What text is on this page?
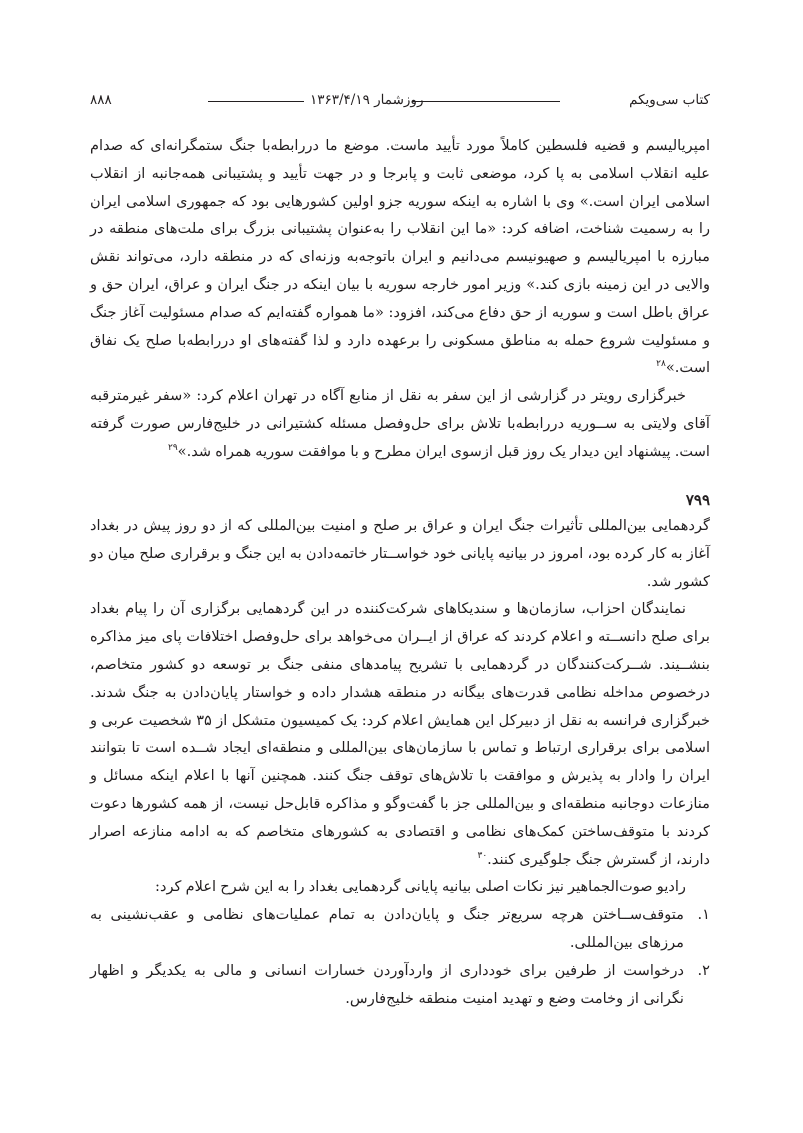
۸۸۸	روزشمار ۱۳۶۳/۴/۱۹	کتاب سی‌ویکم

امپریالیسم و قضیه فلسطین کاملاً مورد تأیید ماست. موضع ما دررابطه‌با جنگ ستمگرانه‌ای که صدام علیه انقلاب اسلامی به پا کرد، موضعی ثابت و پابرجا و در جهت تأیید و پشتیبانی همه‌جانبه از انقلاب اسلامی ایران است.» وی با اشاره به اینکه سوریه جزو اولین کشورهایی بود که جمهوری اسلامی ایران را به رسمیت شناخت، اضافه کرد: «ما این انقلاب را به‌عنوان پشتیبانی بزرگ برای ملت‌های منطقه در مبارزه با امپریالیسم و صهیونیسم می‌دانیم و ایران باتوجه‌به وزنه‌ای که در منطقه دارد، می‌تواند نقش والایی در این زمینه بازی کند.» وزیر امور خارجه سوریه با بیان اینکه در جنگ ایران و عراق، ایران حق و عراق باطل است و سوریه از حق دفاع می‌کند، افزود: «ما همواره گفته‌ایم که صدام مسئولیت آغاز جنگ و مسئولیت شروع حمله به مناطق مسکونی را برعهده دارد و لذا گفته‌های او دررابطه‌با صلح یک نفاق است.»$^{۲۸}$

خبرگزاری رویتر در گزارشی از این سفر به نقل از منابع آگاه در تهران اعلام کرد: «سفر غیرمترقبه آقای ولایتی به ســوریه دررابطه‌با تلاش برای حل‌وفصل مسئله کشتیرانی در خلیج‌فارس صورت گرفته است. پیشنهاد این دیدار یک روز قبل ازسوی ایران مطرح و با موافقت سوریه همراه شد.»$^{۲۹}$

۷۹۹

گردهمایی بین‌المللی تأثیرات جنگ ایران و عراق بر صلح و امنیت بین‌المللی که از دو روز پیش در بغداد آغاز به کار کرده بود، امروز در بیانیه پایانی خود خواســتار خاتمه‌دادن به این جنگ و برقراری صلح میان دو کشور شد.

نمایندگان احزاب، سازمان‌ها و سندیکاهای شرکت‌کننده در این گردهمایی برگزاری آن را پیام بغداد برای صلح دانســته و اعلام کردند که عراق از ایــران می‌خواهد برای حل‌وفصل اختلافات پای میز مذاکره بنشــیند. شــرکت‌کنندگان در گردهمایی با تشریح پیامدهای منفی جنگ بر توسعه دو کشور متخاصم، درخصوص مداخله نظامی قدرت‌های بیگانه در منطقه هشدار داده و خواستار پایان‌دادن به جنگ شدند. خبرگزاری فرانسه به نقل از دبیرکل این همایش اعلام کرد: یک کمیسیون متشکل از ۳۵ شخصیت عربی و اسلامی برای برقراری ارتباط و تماس با سازمان‌های بین‌المللی و منطقه‌ای ایجاد شــده است تا بتوانند ایران را وادار به پذیرش و موافقت با تلاش‌های توقف جنگ کنند. همچنین آنها با اعلام اینکه مسائل و منازعات دوجانبه منطقه‌ای و بین‌المللی جز با گفت‌وگو و مذاکره قابل‌حل نیست، از همه کشورها دعوت کردند با متوقف‌ساختن کمک‌های نظامی و اقتصادی به کشورهای متخاصم که به ادامه منازعه اصرار دارند، از گسترش جنگ جلوگیری کنند.$^{۳۰}$

رادیو صوت‌الجماهیر نیز نکات اصلی بیانیه پایانی گردهمایی بغداد را به این شرح اعلام کرد:

۱.
متوقف‌ســاختن هرچه سریع‌تر جنگ و پایان‌دادن به تمام عملیات‌های نظامی و عقب‌نشینی به مرزهای بین‌المللی.
۲.
درخواست از طرفین برای خودداری از واردآوردن خسارات انسانی و مالی به یکدیگر و اظهار نگرانی از وخامت وضع و تهدید امنیت منطقه خلیج‌فارس.
